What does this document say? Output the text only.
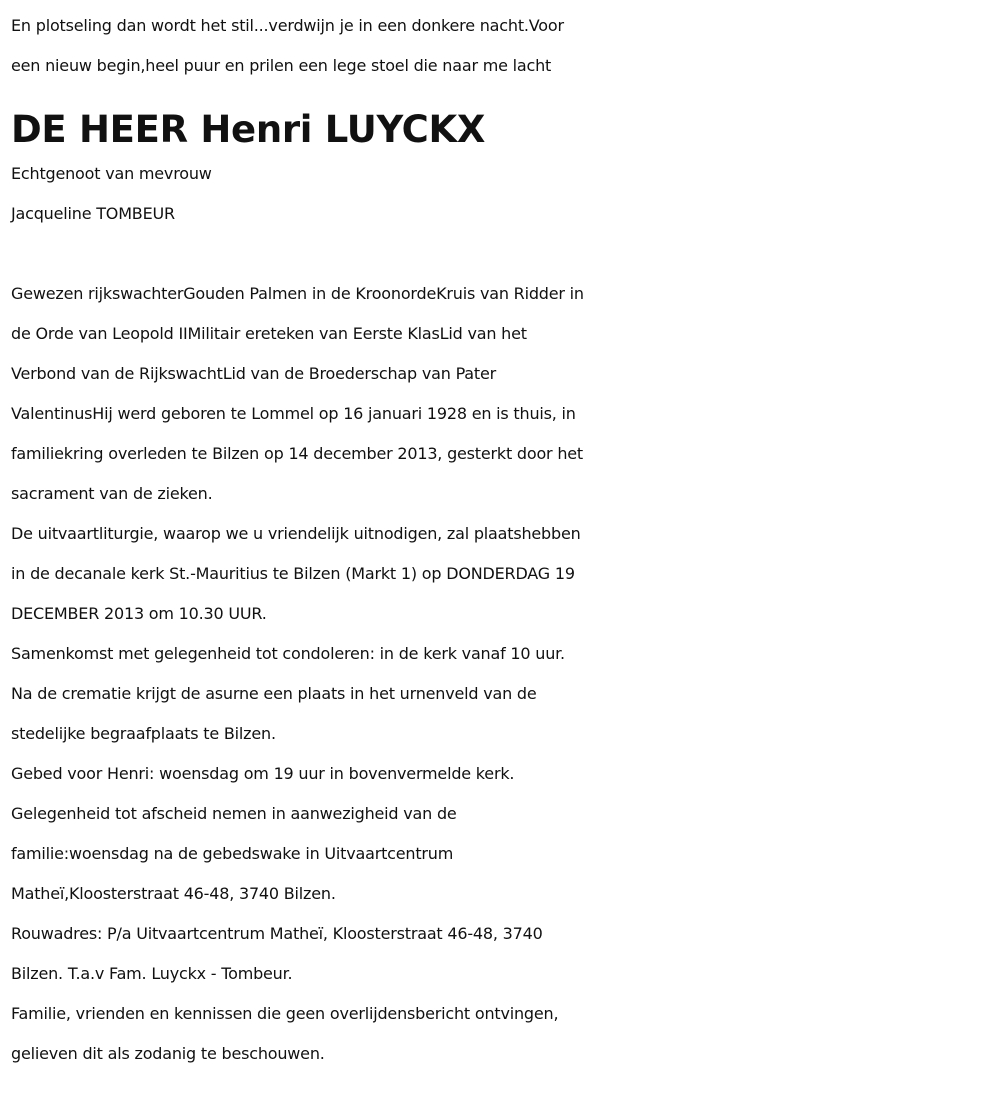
En plotseling dan wordt het stil...verdwijn je in een donkere nacht.Voor
een nieuw begin,heel puur en prilen een lege stoel die naar me lacht

DE HEER Henri LUYCKX

Echtgenoot van mevrouw
Jacqueline TOMBEUR

Gewezen rijkswachterGouden Palmen in de KroonordeKruis van Ridder in
de Orde van Leopold IIMilitair ereteken van Eerste KlasLid van het
Verbond van de RijkswachtLid van de Broederschap van Pater
ValentinusHij werd geboren te Lommel op 16 januari 1928 en is thuis, in
familiekring overleden te Bilzen op 14 december 2013, gesterkt door het
sacrament van de zieken.
De uitvaartliturgie, waarop we u vriendelijk uitnodigen, zal plaatshebben
in de decanale kerk St.-Mauritius te Bilzen (Markt 1) op DONDERDAG 19
DECEMBER 2013 om 10.30 UUR.
Samenkomst met gelegenheid tot condoleren: in de kerk vanaf 10 uur.
Na de crematie krijgt de asurne een plaats in het urnenveld van de
stedelijke begraafplaats te Bilzen.
Gebed voor Henri: woensdag om 19 uur in bovenvermelde kerk.
Gelegenheid tot afscheid nemen in aanwezigheid van de
familie:woensdag na de gebedswake in Uitvaartcentrum
Matheï,Kloosterstraat 46-48, 3740 Bilzen.
Rouwadres: P/a Uitvaartcentrum Matheï, Kloosterstraat 46-48, 3740
Bilzen. T.a.v Fam. Luyckx - Tombeur.
Familie, vrienden en kennissen die geen overlijdensbericht ontvingen,
gelieven dit als zodanig te beschouwen.
